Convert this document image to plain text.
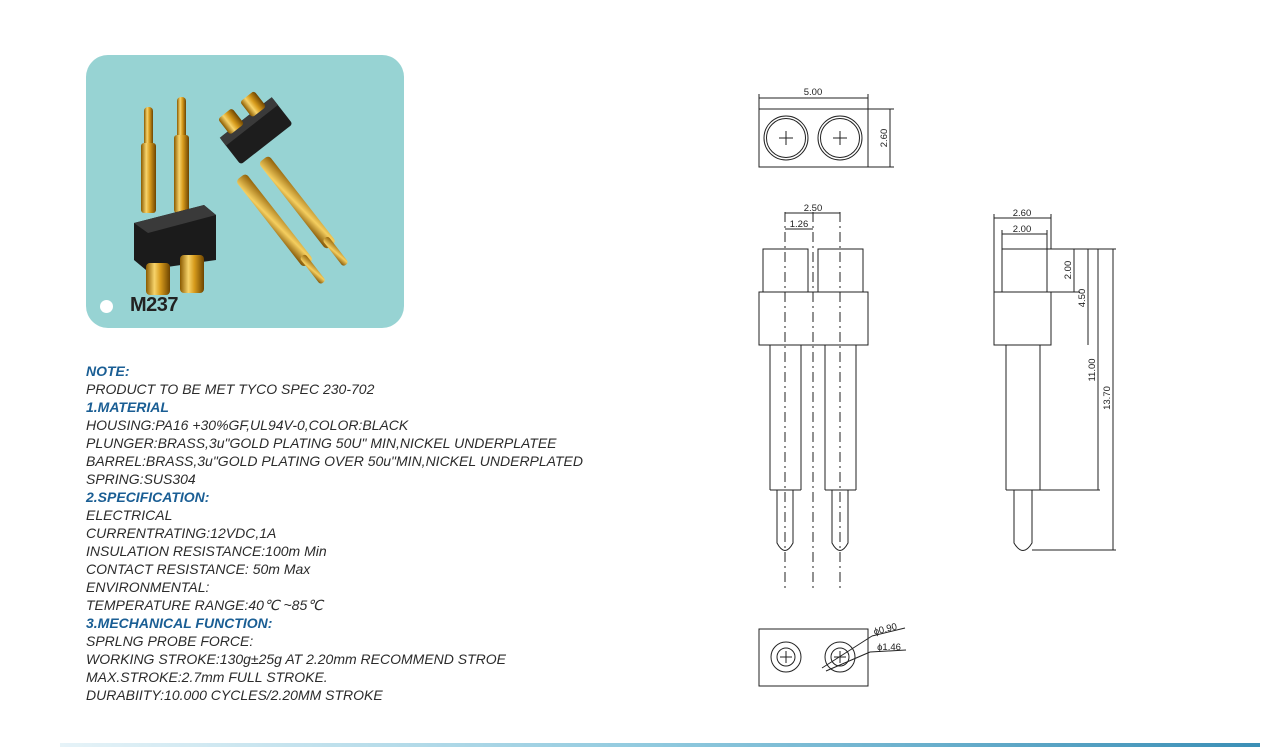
M237
NOTE:
PRODUCT TO BE MET TYCO SPEC 230-702
1.MATERIAL
HOUSING:PA16 +30%GF,UL94V-0,COLOR:BLACK
PLUNGER:BRASS,3u"GOLD PLATING 50U" MIN,NICKEL UNDERPLATEE
BARREL:BRASS,3u"GOLD PLATING OVER 50u"MIN,NICKEL UNDERPLATED
SPRING:SUS304
2.SPECIFICATION:
ELECTRICAL
CURRENTRATING:12VDC,1A
INSULATION RESISTANCE:100m Min
CONTACT RESISTANCE: 50m Max
ENVIRONMENTAL:
TEMPERATURE RANGE:40℃ ~85℃
3.MECHANICAL FUNCTION:
SPRLNG PROBE FORCE:
WORKING STROKE:130g±25g AT 2.20mm RECOMMEND STROE
MAX.STROKE:2.7mm FULL STROKE.
DURABIITY:10.000 CYCLES/2.20MM STROKE
5.00
2.60
2.50
1.26
2.60
2.00
2.00
4.50
11.00
13.70
ϕ0.90
ϕ1.46
